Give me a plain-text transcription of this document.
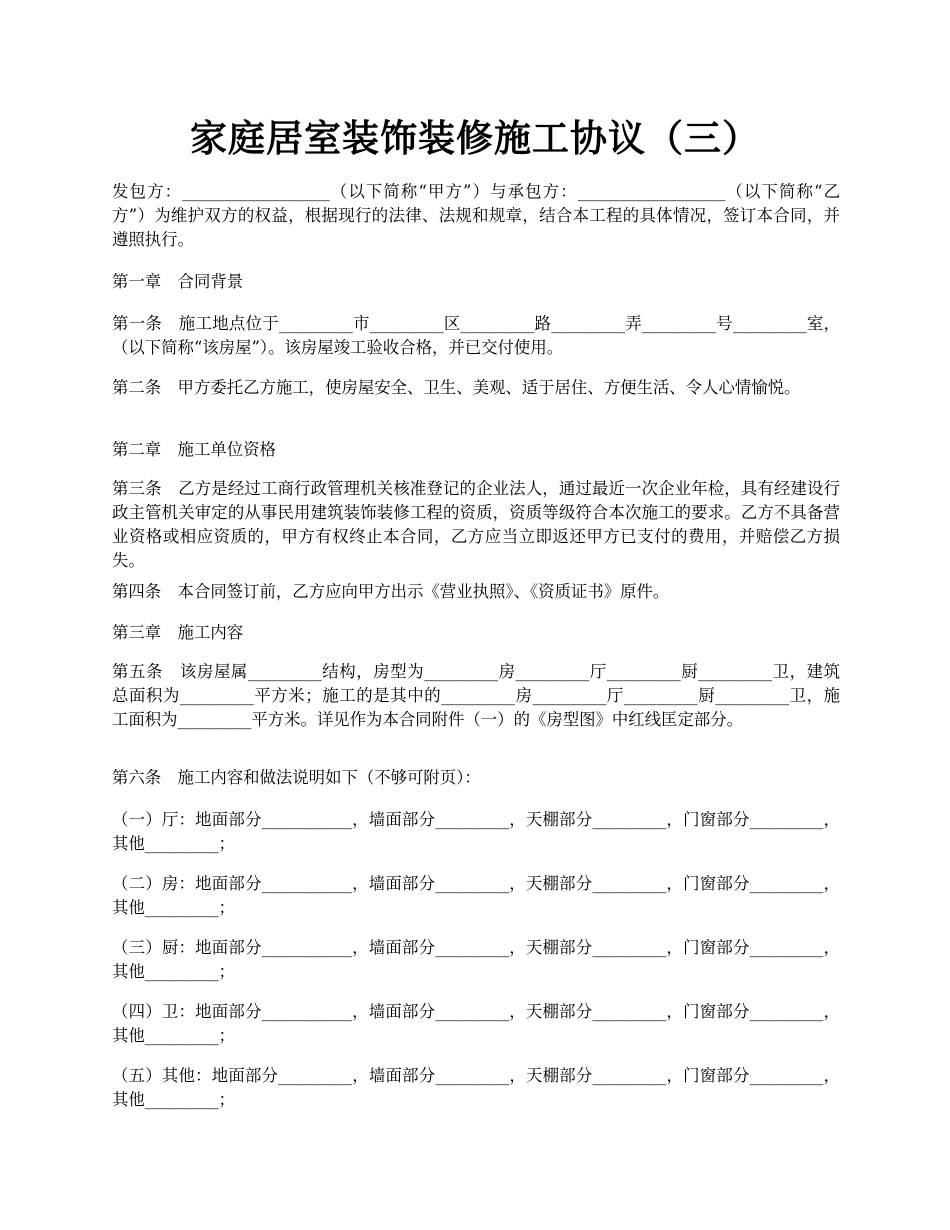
家庭居室装饰装修施工协议（三）

发包方：__________________（以下简称“甲方”）与承包方：__________________（以下简称“乙方”）为维护双方的权益，根据现行的法律、法规和规章，结合本工程的具体情况，签订本合同，并遵照执行。

第一章　合同背景

第一条　施工地点位于_________市_________区_________路_________弄_________号_________室，（以下简称“该房屋”）。该房屋竣工验收合格，并已交付使用。

第二条　甲方委托乙方施工，使房屋安全、卫生、美观、适于居住、方便生活、令人心情愉悦。

第二章　施工单位资格

第三条　乙方是经过工商行政管理机关核准登记的企业法人，通过最近一次企业年检，具有经建设行政主管机关审定的从事民用建筑装饰装修工程的资质，资质等级符合本次施工的要求。乙方不具备营业资格或相应资质的，甲方有权终止本合同，乙方应当立即返还甲方已支付的费用，并赔偿乙方损失。

第四条　本合同签订前，乙方应向甲方出示《营业执照》、《资质证书》原件。

第三章　施工内容

第五条　该房屋属_________结构，房型为_________房_________厅_________厨_________卫，建筑总面积为_________平方米；施工的是其中的_________房_________厅_________厨_________卫，施工面积为_________平方米。详见作为本合同附件（一）的《房型图》中红线匡定部分。

第六条　施工内容和做法说明如下（不够可附页）：

（一）厅：地面部分___________，墙面部分_________，天棚部分_________，门窗部分_________，其他_________；

（二）房：地面部分___________，墙面部分_________，天棚部分_________，门窗部分_________，其他_________；

（三）厨：地面部分___________，墙面部分_________，天棚部分_________，门窗部分_________，其他_________；

（四）卫：地面部分___________，墙面部分_________，天棚部分_________，门窗部分_________，其他_________；

（五）其他：地面部分_________，墙面部分_________，天棚部分_________，门窗部分_________，其他_________；
